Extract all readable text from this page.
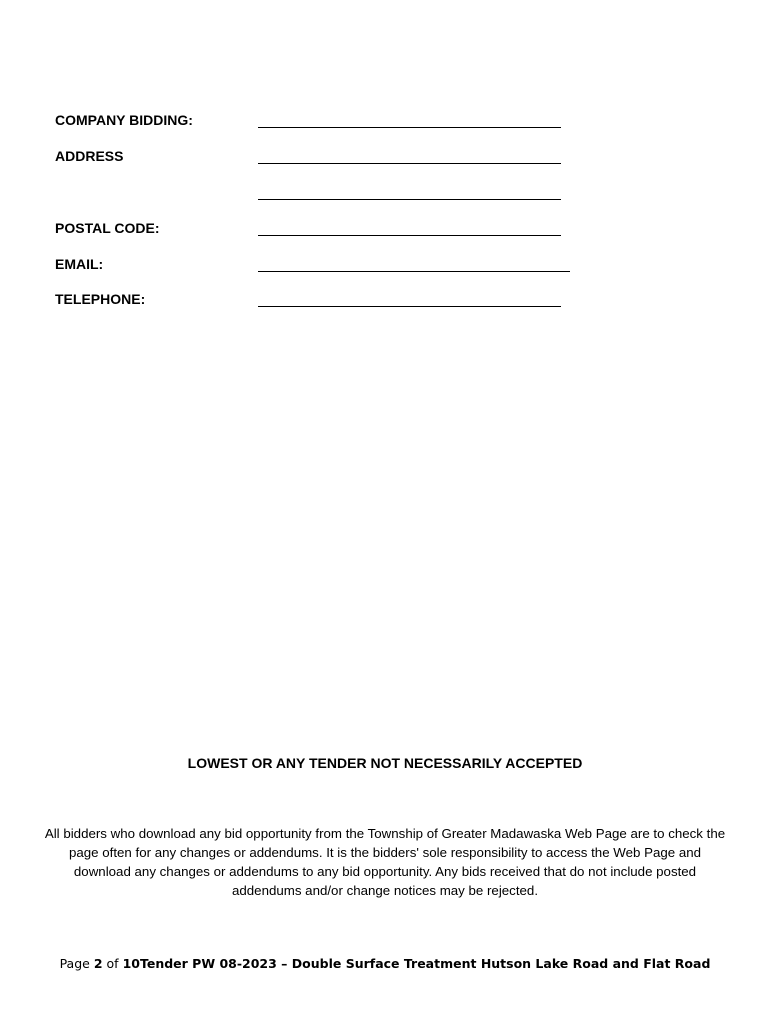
COMPANY BIDDING:
ADDRESS
POSTAL CODE:
EMAIL:
TELEPHONE:
LOWEST OR ANY TENDER NOT NECESSARILY ACCEPTED

All bidders who download any bid opportunity from the Township of Greater Madawaska Web Page are to check the page often for any changes or addendums. It is the bidders' sole responsibility to access the Web Page and download any changes or addendums to any bid opportunity. Any bids received that do not include posted addendums and/or change notices may be rejected.

Page 2 of 10Tender PW 08-2023 – Double Surface Treatment Hutson Lake Road and Flat Road
